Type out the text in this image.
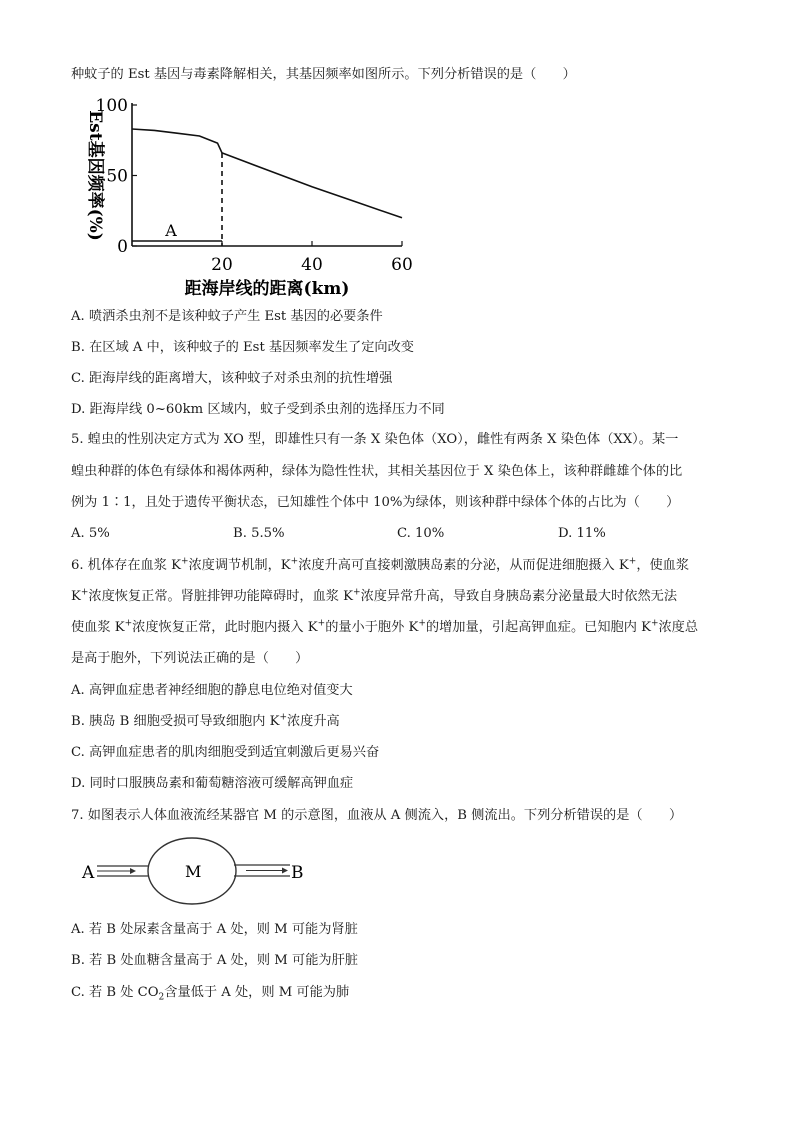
种蚊子的 Est 基因与毒素降解相关，其基因频率如图所示。下列分析错误的是（　　）
0
50
100
20	40	60
距海岸线的距离(km)
Est基因频率(%)	A
A. 喷洒杀虫剂不是该种蚊子产生 Est 基因的必要条件
B. 在区域 A 中，该种蚊子的 Est 基因频率发生了定向改变
C. 距海岸线的距离增大，该种蚊子对杀虫剂的抗性增强
D. 距海岸线 0~60km 区域内，蚊子受到杀虫剂的选择压力不同
5. 蝗虫的性别决定方式为 XO 型，即雄性只有一条 X 染色体（XO），雌性有两条 X 染色体（XX）。某一
蝗虫种群的体色有绿体和褐体两种，绿体为隐性性状，其相关基因位于 X 染色体上，该种群雌雄个体的比
例为 1∶1，且处于遗传平衡状态，已知雄性个体中 10%为绿体，则该种群中绿体个体的占比为（　　）
A. 5%	B. 5.5%	C. 10%	D. 11%
6. 机体存在血浆 K+浓度调节机制，K+浓度升高可直接刺激胰岛素的分泌，从而促进细胞摄入 K+，使血浆
K+浓度恢复正常。肾脏排钾功能障碍时，血浆 K+浓度异常升高，导致自身胰岛素分泌量最大时依然无法
使血浆 K+浓度恢复正常，此时胞内摄入 K+的量小于胞外 K+的增加量，引起高钾血症。已知胞内 K+浓度总
是高于胞外，下列说法正确的是（　　）
A. 高钾血症患者神经细胞的静息电位绝对值变大
B. 胰岛 B 细胞受损可导致细胞内 K+浓度升高
C. 高钾血症患者的肌肉细胞受到适宜刺激后更易兴奋
D. 同时口服胰岛素和葡萄糖溶液可缓解高钾血症
7. 如图表示人体血液流经某器官 M 的示意图，血液从 A 侧流入，B 侧流出。下列分析错误的是（　　）
A	M	B
A. 若 B 处尿素含量高于 A 处，则 M 可能为肾脏
B. 若 B 处血糖含量高于 A 处，则 M 可能为肝脏
C. 若 B 处 $CO_2$含量低于 A 处，则 M 可能为肺
